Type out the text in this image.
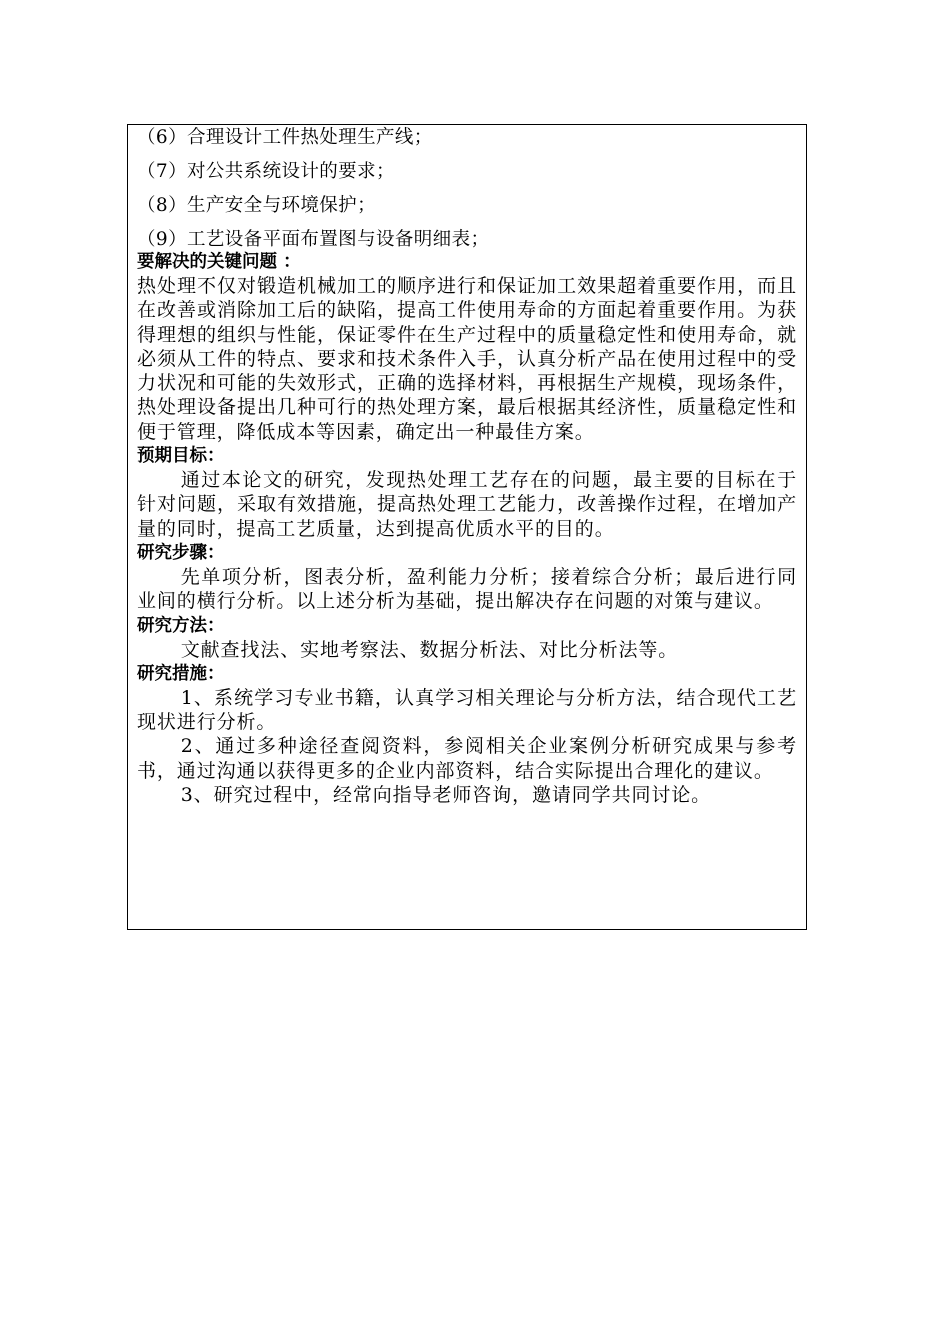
（6）合理设计工件热处理生产线；
（7）对公共系统设计的要求；
（8）生产安全与环境保护；
（9）工艺设备平面布置图与设备明细表；
要解决的关键问题 ：

热处理不仅对锻造机械加工的顺序进行和保证加工效果超着重要作用，而且在改善或消除加工后的缺陷，提高工件使用寿命的方面起着重要作用。为获得理想的组织与性能，保证零件在生产过程中的质量稳定性和使用寿命，就必须从工件的特点、要求和技术条件入手，认真分析产品在使用过程中的受力状况和可能的失效形式，正确的选择材料，再根据生产规模，现场条件，热处理设备提出几种可行的热处理方案，最后根据其经济性，质量稳定性和便于管理，降低成本等因素，确定出一种最佳方案。

预期目标：

通过本论文的研究，发现热处理工艺存在的问题，最主要的目标在于针对问题，采取有效措施，提高热处理工艺能力，改善操作过程，在增加产量的同时，提高工艺质量，达到提高优质水平的目的。

研究步骤：

先单项分析，图表分析，盈利能力分析；接着综合分析；最后进行同业间的横行分析。以上述分析为基础，提出解决存在问题的对策与建议。

研究方法：

文献查找法、实地考察法、数据分析法、对比分析法等。

研究措施：

1、系统学习专业书籍，认真学习相关理论与分析方法，结合现代工艺现状进行分析。

2、通过多种途径查阅资料，参阅相关企业案例分析研究成果与参考书，通过沟通以获得更多的企业内部资料，结合实际提出合理化的建议。

3、研究过程中，经常向指导老师咨询，邀请同学共同讨论。
